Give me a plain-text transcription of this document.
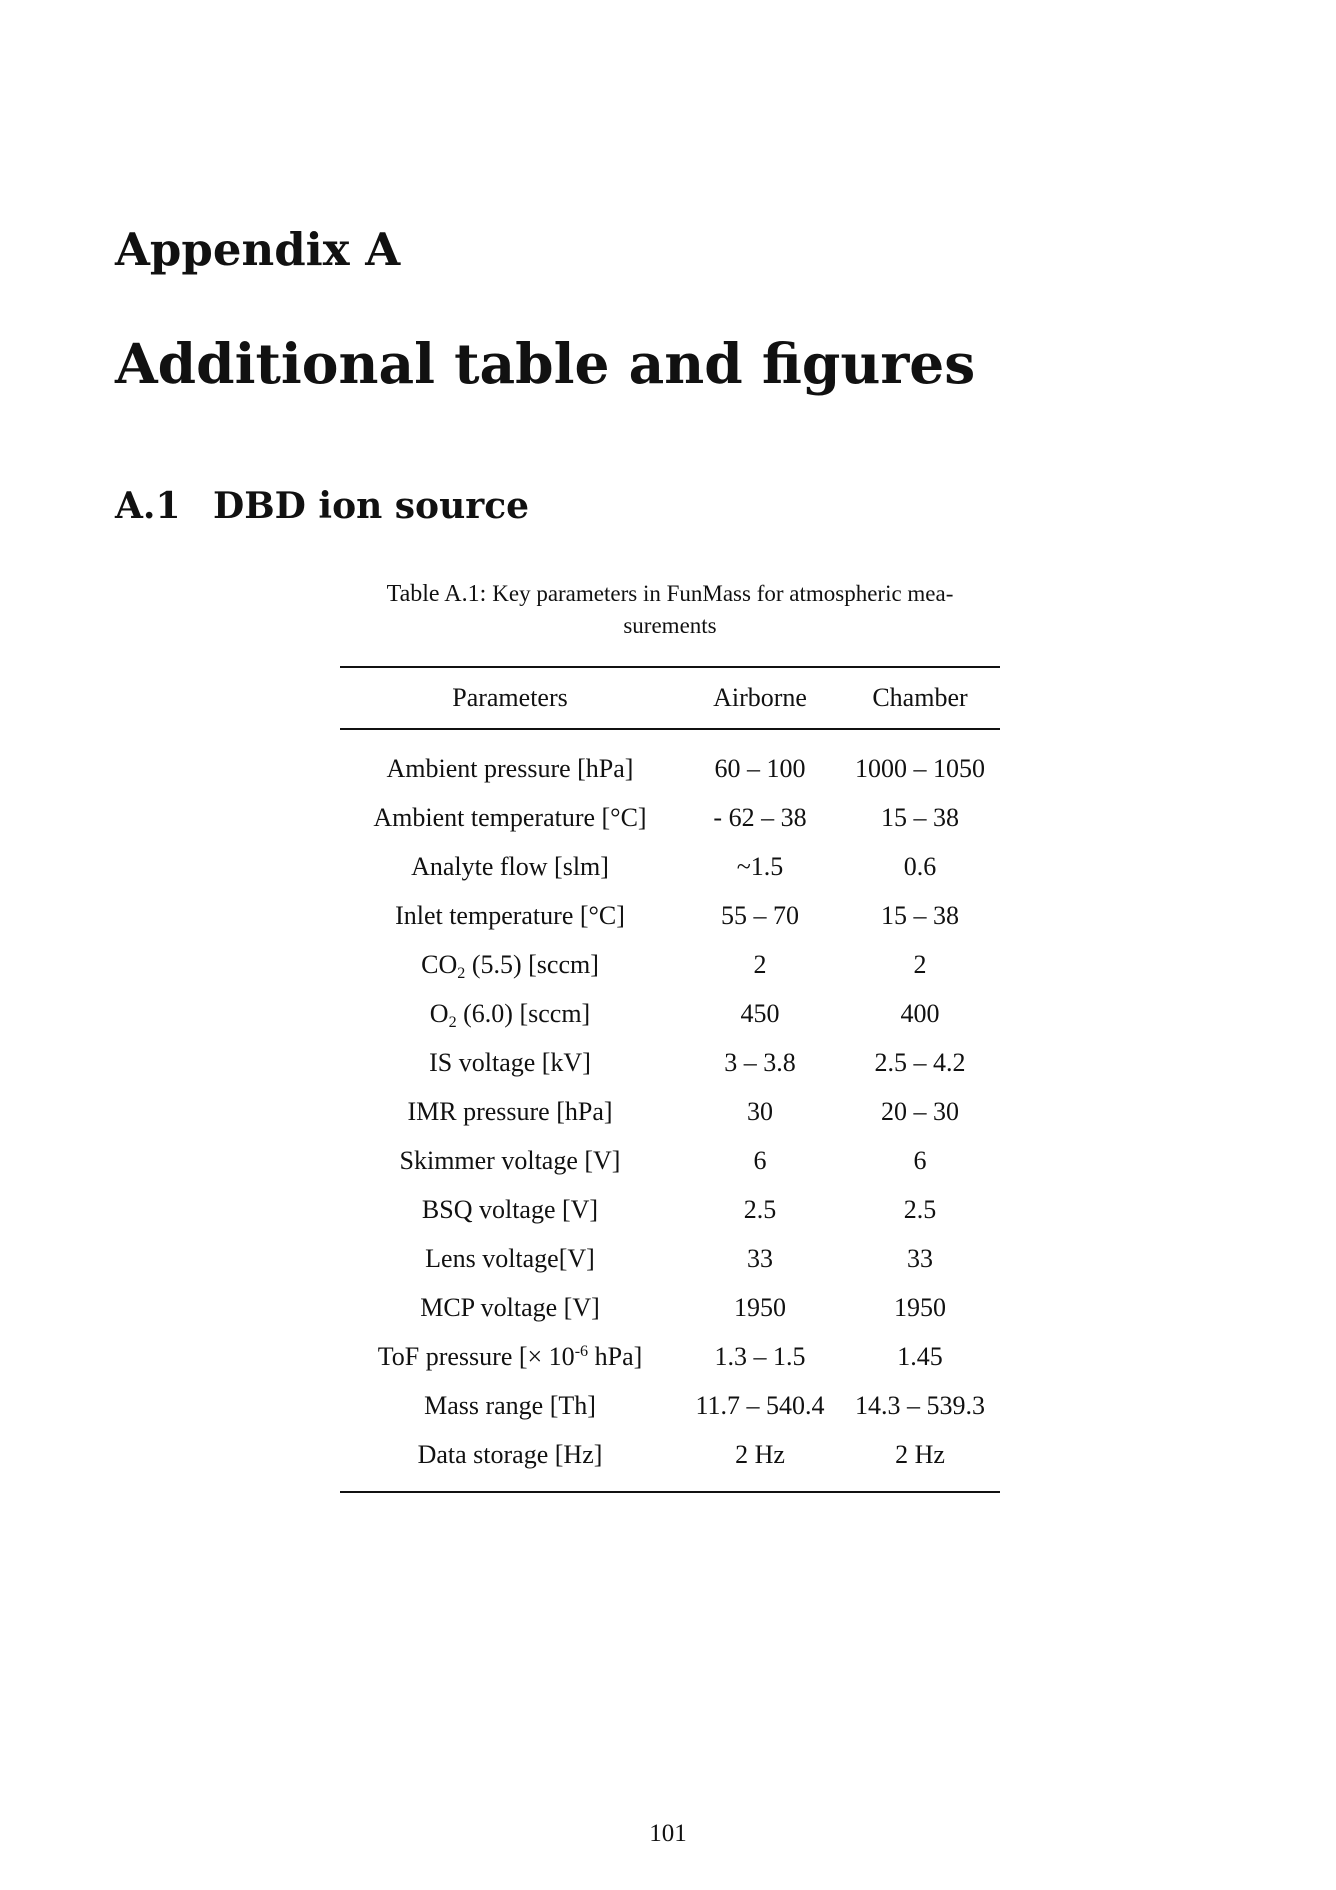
Appendix A
Additional table and figures
A.1 DBD ion source

Table A.1: Key parameters in FunMass for atmospheric mea-
surements

Parameters	Airborne	Chamber
Ambient pressure [hPa]	60 – 100	1000 – 1050
Ambient temperature [°C]	- 62 – 38	15 – 38
Analyte flow [slm]	~1.5	0.6
Inlet temperature [°C]	55 – 70	15 – 38
$CO_2$ (5.5) [sccm]	2	2
$O_2$ (6.0) [sccm]	450	400
IS voltage [kV]	3 – 3.8	2.5 – 4.2
IMR pressure [hPa]	30	20 – 30
Skimmer voltage [V]	6	6
BSQ voltage [V]	2.5	2.5
Lens voltage[V]	33	33
MCP voltage [V]	1950	1950
ToF pressure [× $10^{-6}$ hPa]	1.3 – 1.5	1.45
Mass range [Th]	11.7 – 540.4	14.3 – 539.3
Data storage [Hz]	2 Hz	2 Hz

101
